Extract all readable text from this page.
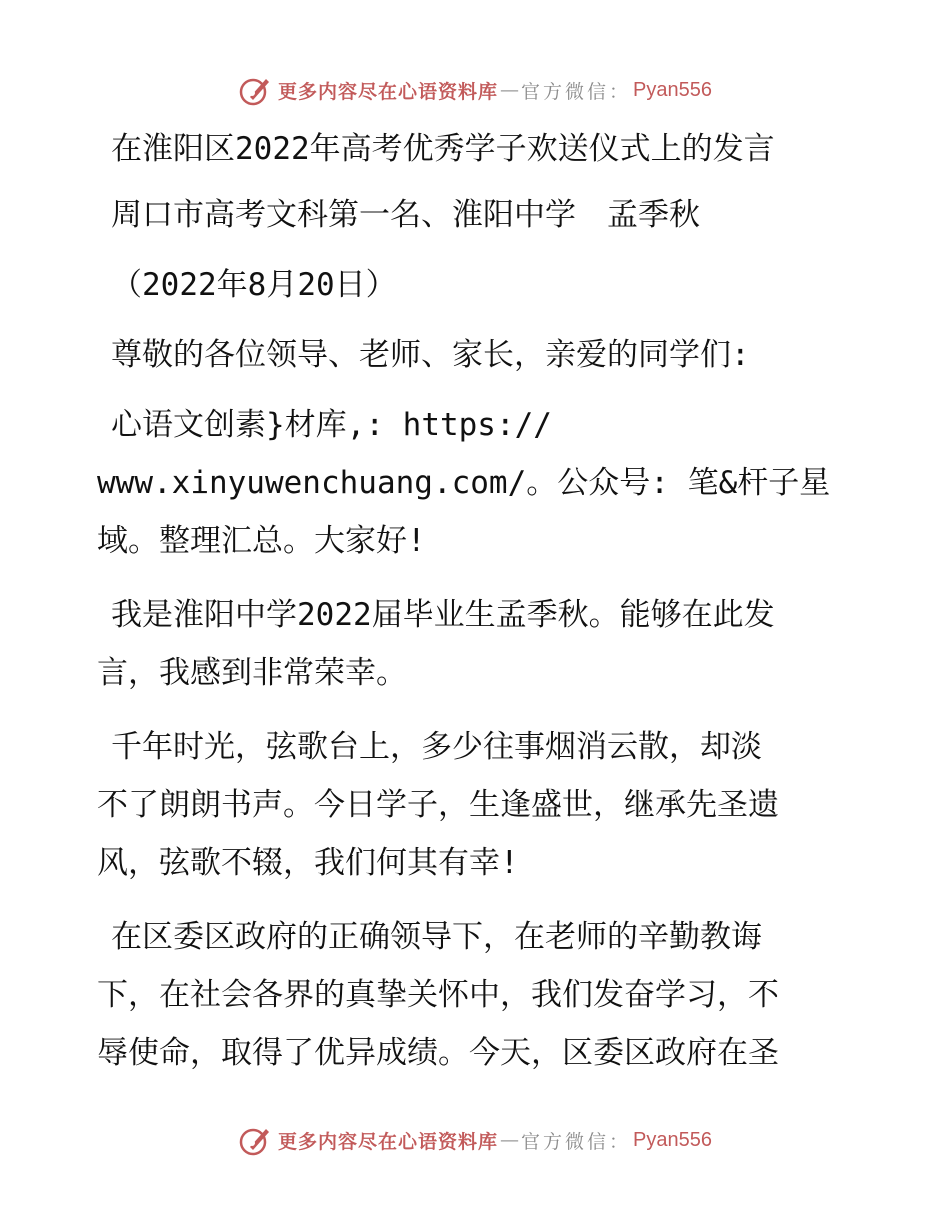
更多内容尽在心语资料库 — 官方微信： Pyan556
在淮阳区2022年高考优秀学子欢送仪式上的发言
周口市高考文科第一名、淮阳中学　孟季秋
（2022年8月20日）
尊敬的各位领导、老师、家长，亲爱的同学们:
心语文创素}材库,: https://
www.xinyuwenchuang.com/。公众号: 笔&杆子星
域。整理汇总。大家好!
我是淮阳中学2022届毕业生孟季秋。能够在此发
言，我感到非常荣幸。
千年时光，弦歌台上，多少往事烟消云散，却淡
不了朗朗书声。今日学子，生逢盛世，继承先圣遗
风，弦歌不辍，我们何其有幸!
在区委区政府的正确领导下，在老师的辛勤教诲
下，在社会各界的真挚关怀中，我们发奋学习，不
辱使命，取得了优异成绩。今天，区委区政府在圣
更多内容尽在心语资料库 — 官方微信： Pyan556
